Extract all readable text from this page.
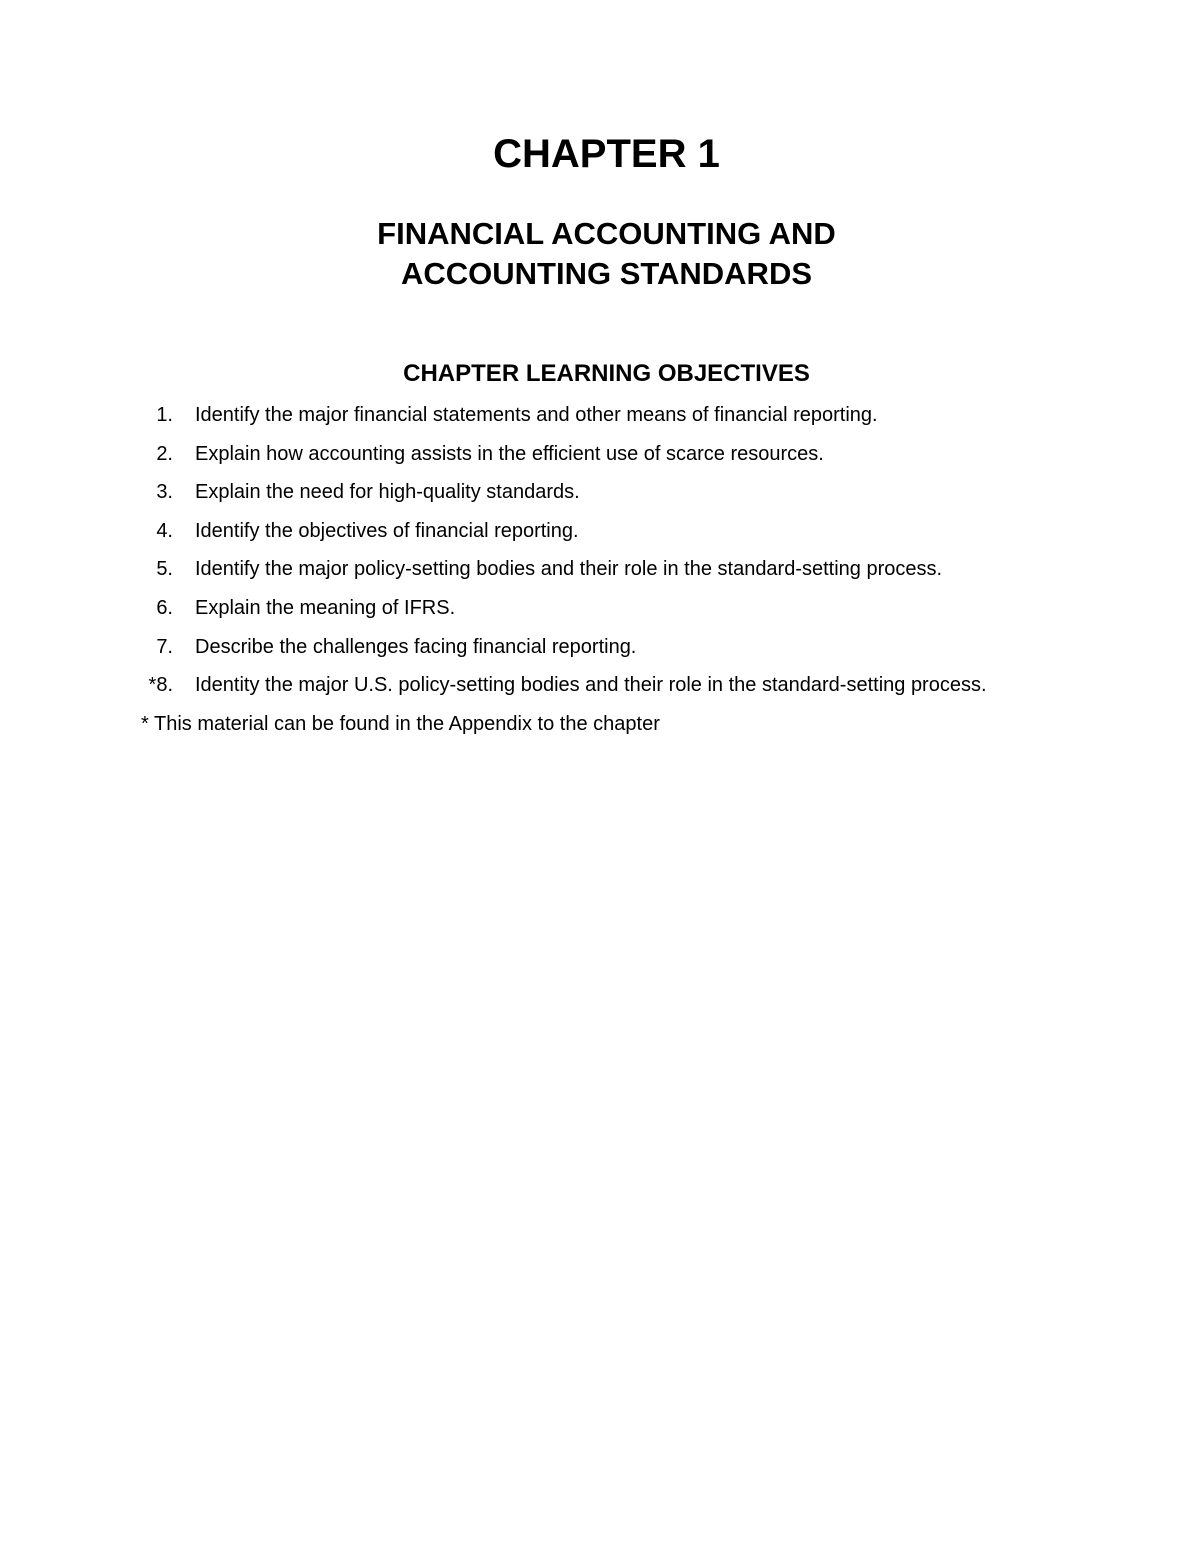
CHAPTER 1
FINANCIAL ACCOUNTING AND
ACCOUNTING STANDARDS
CHAPTER LEARNING OBJECTIVES
1. Identify the major financial statements and other means of financial reporting.
2. Explain how accounting assists in the efficient use of scarce resources.
3. Explain the need for high-quality standards.
4. Identify the objectives of financial reporting.
5. Identify the major policy-setting bodies and their role in the standard-setting process.
6. Explain the meaning of IFRS.
7. Describe the challenges facing financial reporting.
*8. Identity the major U.S. policy-setting bodies and their role in the standard-setting process.
* This material can be found in the Appendix to the chapter
